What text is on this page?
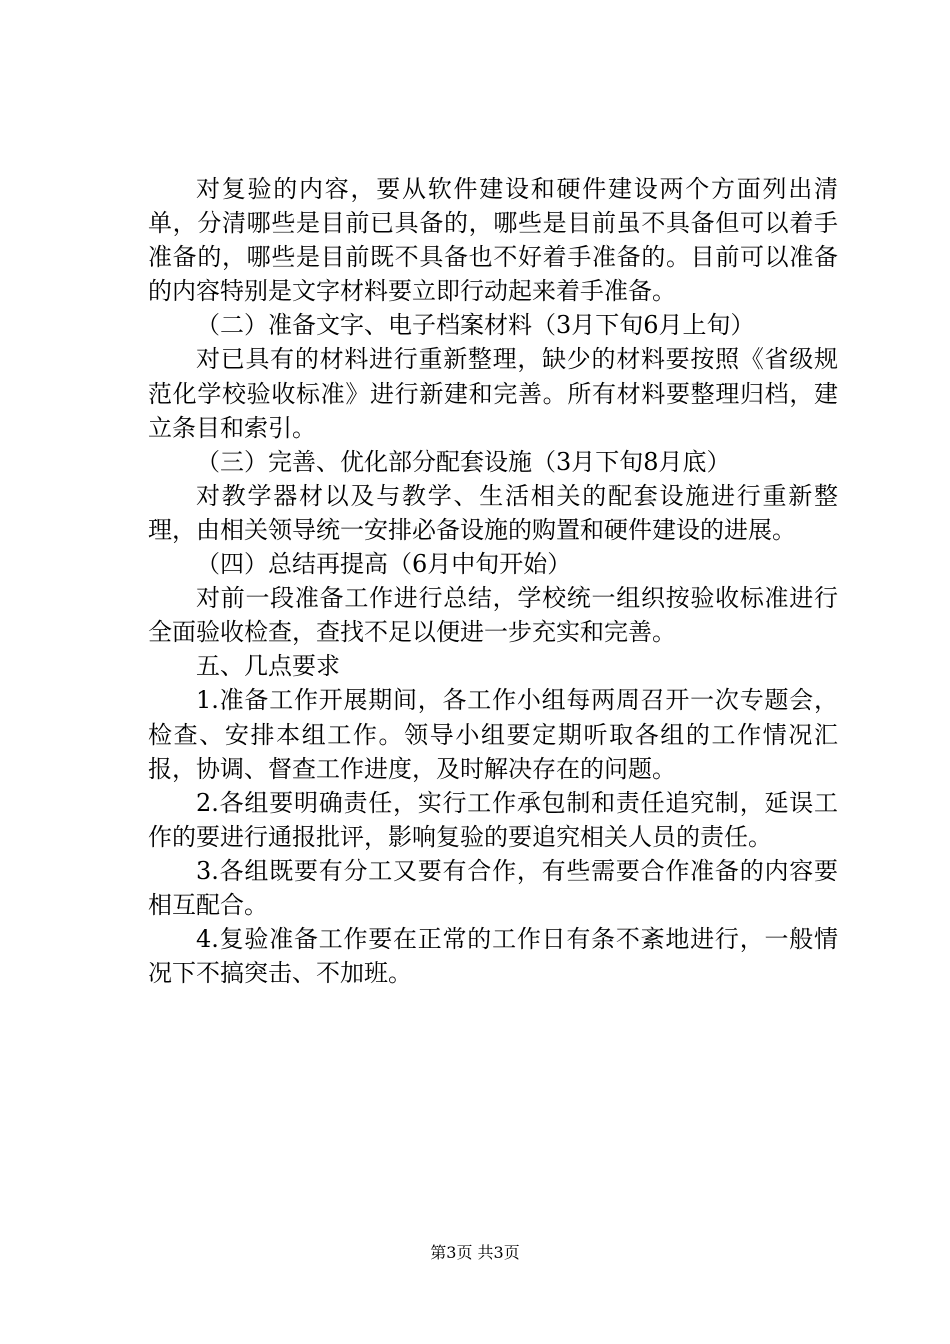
对复验的内容，要从软件建设和硬件建设两个方面列出清单，分清哪些是目前已具备的，哪些是目前虽不具备但可以着手准备的，哪些是目前既不具备也不好着手准备的。目前可以准备的内容特别是文字材料要立即行动起来着手准备。

（二）准备文字、电子档案材料（3月下旬6月上旬）

对已具有的材料进行重新整理，缺少的材料要按照《省级规范化学校验收标准》进行新建和完善。所有材料要整理归档，建立条目和索引。

（三）完善、优化部分配套设施（3月下旬8月底）

对教学器材以及与教学、生活相关的配套设施进行重新整理，由相关领导统一安排必备设施的购置和硬件建设的进展。

（四）总结再提高（6月中旬开始）

对前一段准备工作进行总结，学校统一组织按验收标准进行全面验收检查，查找不足以便进一步充实和完善。

五、几点要求

1.准备工作开展期间，各工作小组每两周召开一次专题会，检查、安排本组工作。领导小组要定期听取各组的工作情况汇报，协调、督查工作进度，及时解决存在的问题。

2.各组要明确责任，实行工作承包制和责任追究制，延误工作的要进行通报批评，影响复验的要追究相关人员的责任。

3.各组既要有分工又要有合作，有些需要合作准备的内容要相互配合。

4.复验准备工作要在正常的工作日有条不紊地进行，一般情况下不搞突击、不加班。

第3页 共3页
